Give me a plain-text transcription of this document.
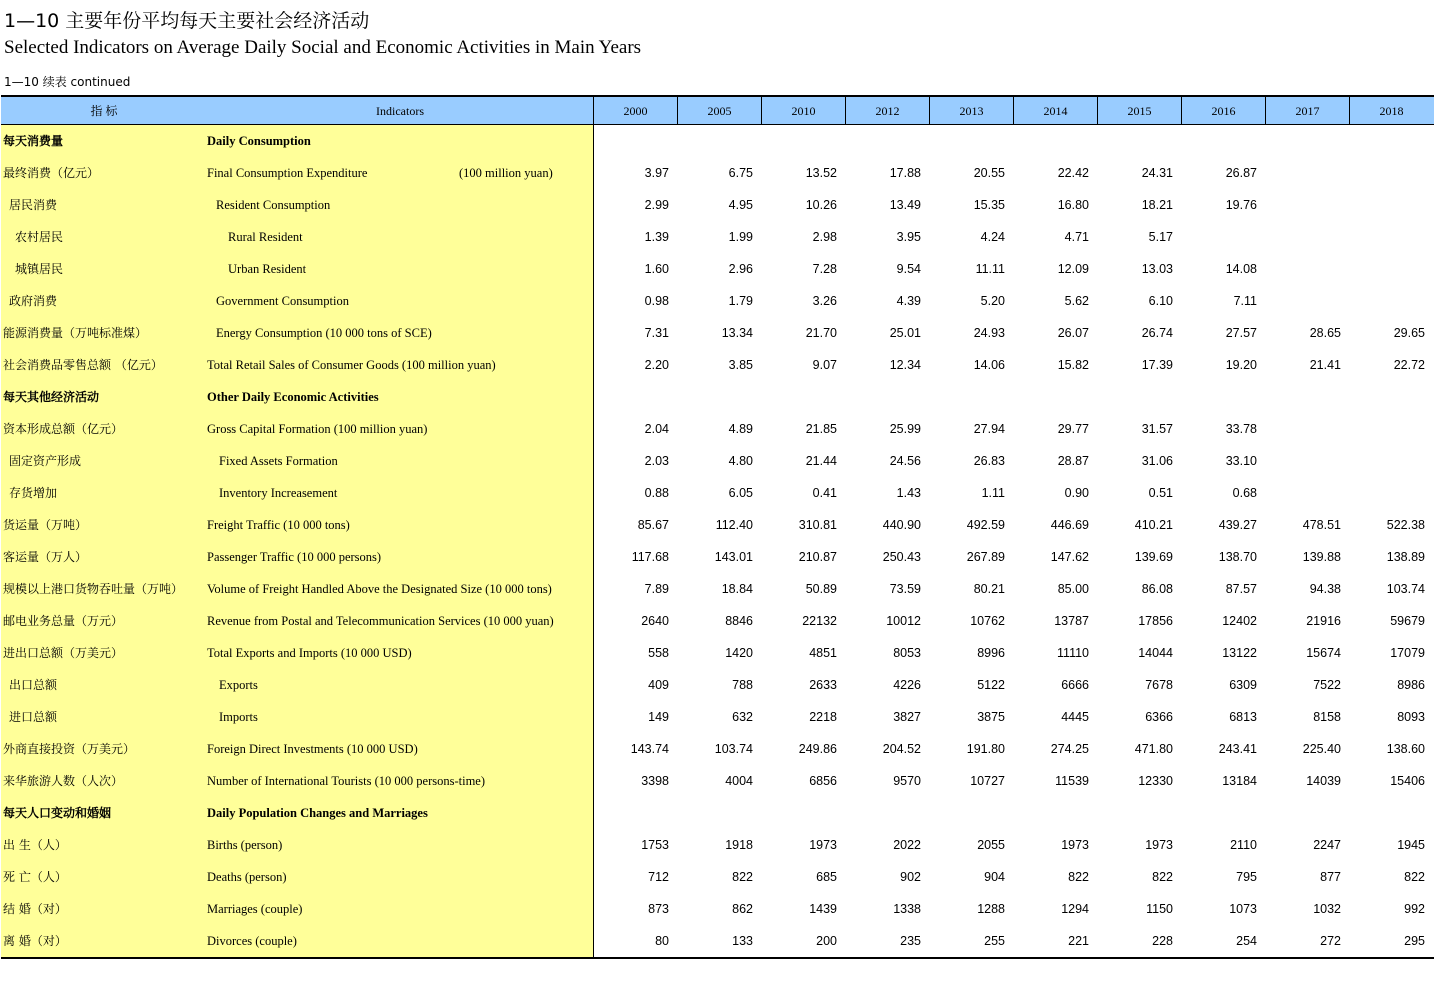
1—10 主要年份平均每天主要社会经济活动
Selected Indicators on Average Daily Social and Economic Activities in Main Years
1—10 续表 continued
指 标	Indicators	2000	2005	2010	2012	2013	2014	2015	2016	2017	2018
每天消费量	Daily Consumption
最终消费（亿元）	Final Consumption Expenditure	(100 million yuan)	3.97	6.75	13.52	17.88	20.55	22.42	24.31	26.87
居民消费	Resident Consumption	2.99	4.95	10.26	13.49	15.35	16.80	18.21	19.76
农村居民	Rural Resident	1.39	1.99	2.98	3.95	4.24	4.71	5.17
城镇居民	Urban Resident	1.60	2.96	7.28	9.54	11.11	12.09	13.03	14.08
政府消费	Government Consumption	0.98	1.79	3.26	4.39	5.20	5.62	6.10	7.11
能源消费量（万吨标准煤）	Energy Consumption (10 000 tons of SCE)	7.31	13.34	21.70	25.01	24.93	26.07	26.74	27.57	28.65	29.65
社会消费品零售总额 （亿元）	Total Retail Sales of Consumer Goods (100 million yuan)	2.20	3.85	9.07	12.34	14.06	15.82	17.39	19.20	21.41	22.72
每天其他经济活动	Other Daily Economic Activities
资本形成总额（亿元）	Gross Capital Formation (100 million yuan)	2.04	4.89	21.85	25.99	27.94	29.77	31.57	33.78
固定资产形成	Fixed Assets Formation	2.03	4.80	21.44	24.56	26.83	28.87	31.06	33.10
存货增加	Inventory Increasement	0.88	6.05	0.41	1.43	1.11	0.90	0.51	0.68
货运量（万吨）	Freight Traffic (10 000 tons)	85.67	112.40	310.81	440.90	492.59	446.69	410.21	439.27	478.51	522.38
客运量（万人）	Passenger Traffic (10 000 persons)	117.68	143.01	210.87	250.43	267.89	147.62	139.69	138.70	139.88	138.89
规模以上港口货物吞吐量（万吨） Volume of Freight Handled Above the Designated Size (10 000 tons)	7.89	18.84	50.89	73.59	80.21	85.00	86.08	87.57	94.38	103.74
邮电业务总量（万元）	Revenue from Postal and Telecommunication Services (10 000 yuan)	2640	8846	22132	10012	10762	13787	17856	12402	21916	59679
进出口总额（万美元）	Total Exports and Imports (10 000 USD)	558	1420	4851	8053	8996	11110	14044	13122	15674	17079
出口总额	Exports	409	788	2633	4226	5122	6666	7678	6309	7522	8986
进口总额	Imports	149	632	2218	3827	3875	4445	6366	6813	8158	8093
外商直接投资（万美元）	Foreign Direct Investments (10 000 USD)	143.74	103.74	249.86	204.52	191.80	274.25	471.80	243.41	225.40	138.60
来华旅游人数（人次）	Number of International Tourists (10 000 persons-time)	3398	4004	6856	9570	10727	11539	12330	13184	14039	15406
每天人口变动和婚姻	Daily Population Changes and Marriages
出 生（人）	Births (person)	1753	1918	1973	2022	2055	1973	1973	2110	2247	1945
死 亡（人）	Deaths (person)	712	822	685	902	904	822	822	795	877	822
结 婚（对）	Marriages (couple)	873	862	1439	1338	1288	1294	1150	1073	1032	992
离 婚（对）	Divorces (couple)	80	133	200	235	255	221	228	254	272	295
